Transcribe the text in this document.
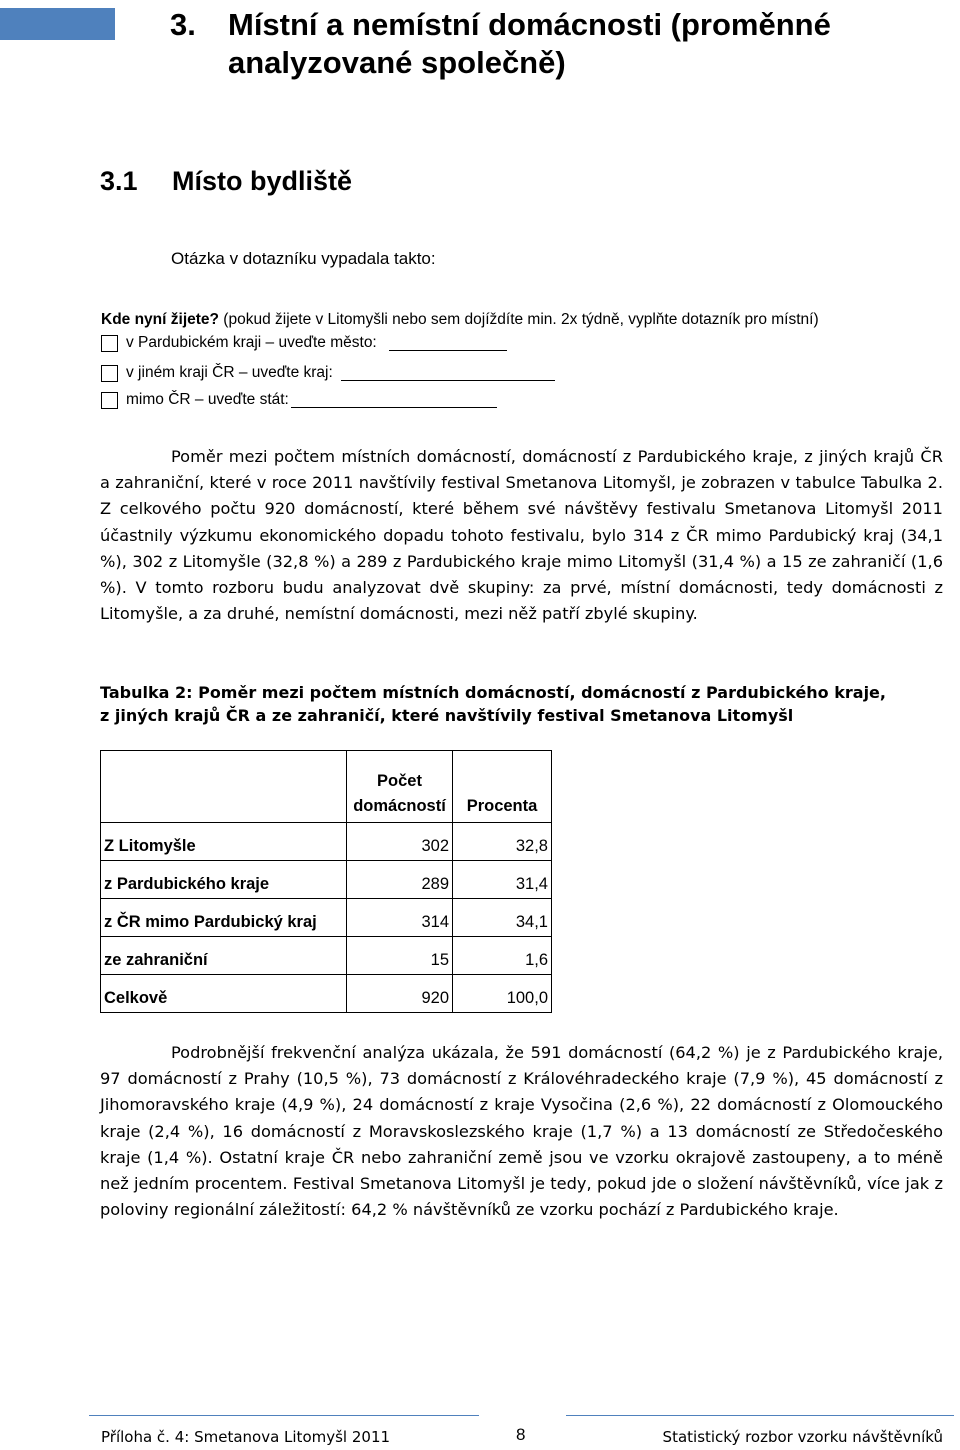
3. Místní a nemístní domácnosti (proměnné analyzované společně)
3.1 Místo bydliště
Otázka v dotazníku vypadala takto:
Kde nyní žijete? (pokud žijete v Litomyšli nebo sem dojíždíte min. 2x týdně, vyplňte dotazník pro místní)
v Pardubickém kraji – uveďte město:
v jiném kraji ČR – uveďte kraj:
mimo ČR – uveďte stát:
Poměr mezi počtem místních domácností, domácností z Pardubického kraje, z jiných krajů ČR a zahraniční, které v roce 2011 navštívily festival Smetanova Litomyšl, je zobrazen v tabulce Tabulka 2. Z celkového počtu 920 domácností, které během své návštěvy festivalu Smetanova Litomyšl 2011 účastnily výzkumu ekonomického dopadu tohoto festivalu, bylo 314 z ČR mimo Pardubický kraj (34,1 %), 302 z Litomyšle (32,8 %) a 289 z Pardubického kraje mimo Litomyšl (31,4 %) a 15 ze zahraničí (1,6 %). V tomto rozboru budu analyzovat dvě skupiny: za prvé, místní domácnosti, tedy domácnosti z Litomyšle, a za druhé, nemístní domácnosti, mezi něž patří zbylé skupiny.
Tabulka 2: Poměr mezi počtem místních domácností, domácností z Pardubického kraje,
z jiných krajů ČR a ze zahraničí, které navštívily festival Smetanova Litomyšl

	Počet
domácností	Procenta
Z Litomyšle	302	32,8
z Pardubického kraje	289	31,4
z ČR mimo Pardubický kraj	314	34,1
ze zahraniční	15	1,6
Celkově	920	100,0
Podrobnější frekvenční analýza ukázala, že 591 domácností (64,2 %) je z Pardubického kraje, 97 domácností z Prahy (10,5 %), 73 domácností z Královéhradeckého kraje (7,9 %), 45 domácností z Jihomoravského kraje (4,9 %), 24 domácností z kraje Vysočina (2,6 %), 22 domácností z Olomouckého kraje (2,4 %), 16 domácností z Moravskoslezského kraje (1,7 %) a 13 domácností ze Středočeského kraje (1,4 %). Ostatní kraje ČR nebo zahraniční země jsou ve vzorku okrajově zastoupeny, a to méně než jedním procentem. Festival Smetanova Litomyšl je tedy, pokud jde o složení návštěvníků, více jak z poloviny regionální záležitostí: 64,2 % návštěvníků ze vzorku pochází z Pardubického kraje.
Příloha č. 4: Smetanova Litomyšl 2011	8	Statistický rozbor vzorku návštěvníků
